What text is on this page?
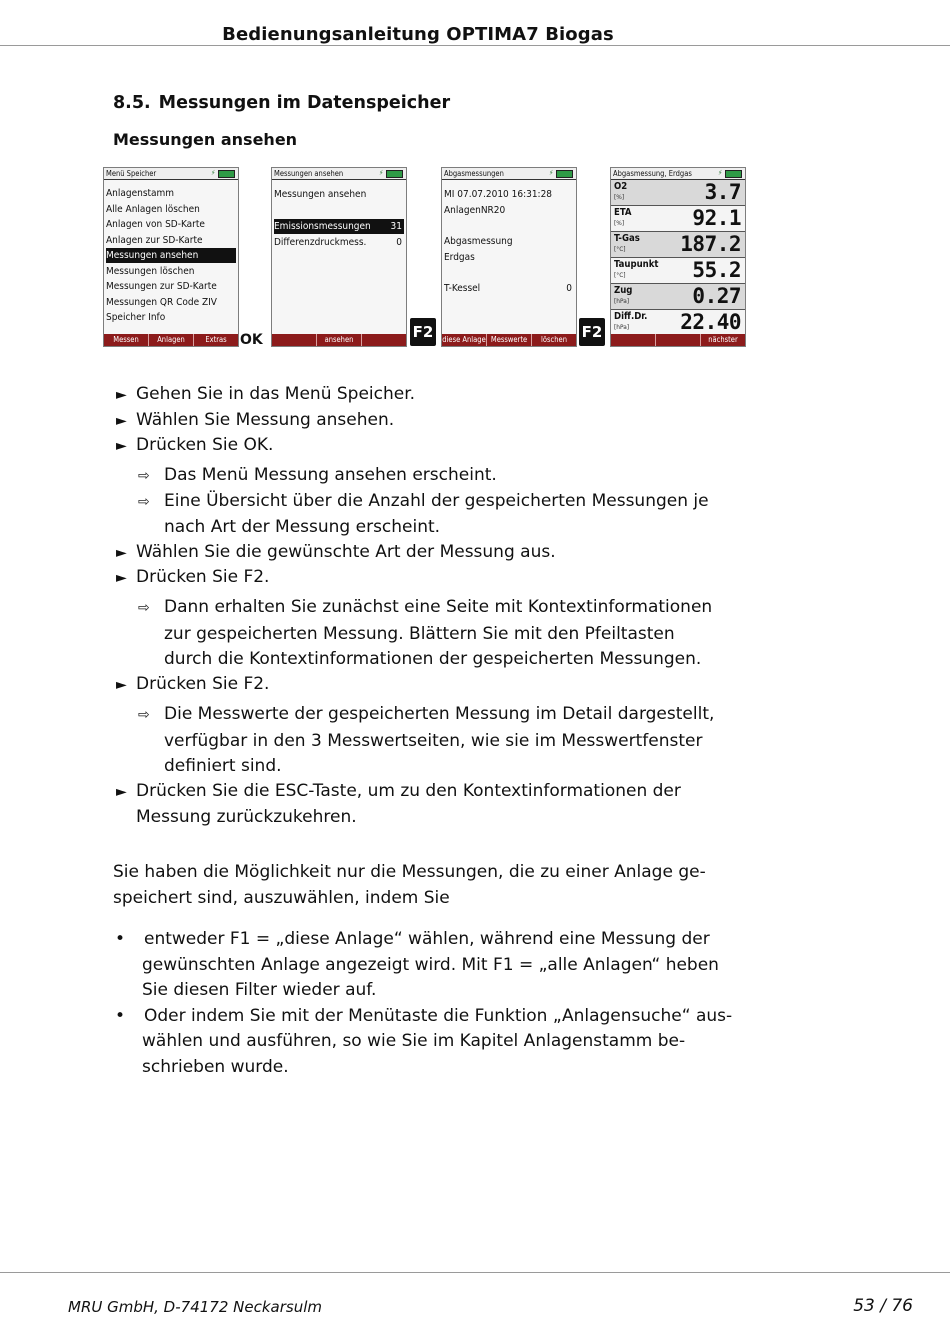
Bedienungsanleitung OPTIMA7 Biogas
8.5. Messungen im Datenspeicher
Messungen ansehen
Menü Speicher	⚡
Anlagenstamm
Alle Anlagen löschen
Anlagen von SD-Karte
Anlagen zur SD-Karte
Messungen ansehen
Messungen löschen
Messungen zur SD-Karte
Messungen QR Code ZIV
Speicher Info
Messen	Anlagen	Extras OK
Messungen ansehen	⚡
Messungen ansehen
Emissionsmessungen 31
Differenzdruckmess.	0
ansehen	F2
Abgasmessungen	⚡
MI 07.07.2010 16:31:28
AnlagenNR20
Abgasmessung
Erdgas
T-Kessel	0
diese Anlage Messwerte	löschen F2
Abgasmessung, Erdgas	⚡
O2
[%]	3.7
ETA
[%]	92.1
T-Gas
[°C]	187.2
Taupunkt
[°C]	55.2
Zug
[hPa]	0.27
Diff.Dr.
[hPa] 22.40
nächster
► Gehen Sie in das Menü Speicher.
► Wählen Sie Messung ansehen.
► Drücken Sie OK.
⇨ Das Menü Messung ansehen erscheint.
⇨ Eine Übersicht über die Anzahl der gespeicherten Messungen je
nach Art der Messung erscheint.
► Wählen Sie die gewünschte Art der Messung aus.
► Drücken Sie F2.
⇨ Dann erhalten Sie zunächst eine Seite mit Kontextinformationen
zur gespeicherten Messung. Blättern Sie mit den Pfeiltasten
durch die Kontextinformationen der gespeicherten Messungen.
► Drücken Sie F2.
⇨ Die Messwerte der gespeicherten Messung im Detail dargestellt,
verfügbar in den 3 Messwertseiten, wie sie im Messwertfenster
definiert sind.
► Drücken Sie die ESC-Taste, um zu den Kontextinformationen der
Messung zurückzukehren.
Sie haben die Möglichkeit nur die Messungen, die zu einer Anlage ge-
speichert sind, auszuwählen, indem Sie
• entweder F1 = „diese Anlage“ wählen, während eine Messung der
gewünschten Anlage angezeigt wird. Mit F1 = „alle Anlagen“ heben
Sie diesen Filter wieder auf.
• Oder indem Sie mit der Menütaste die Funktion „Anlagensuche“ aus-
wählen und ausführen, so wie Sie im Kapitel Anlagenstamm be-
schrieben wurde.
MRU GmbH, D-74172 Neckarsulm	53 / 76
